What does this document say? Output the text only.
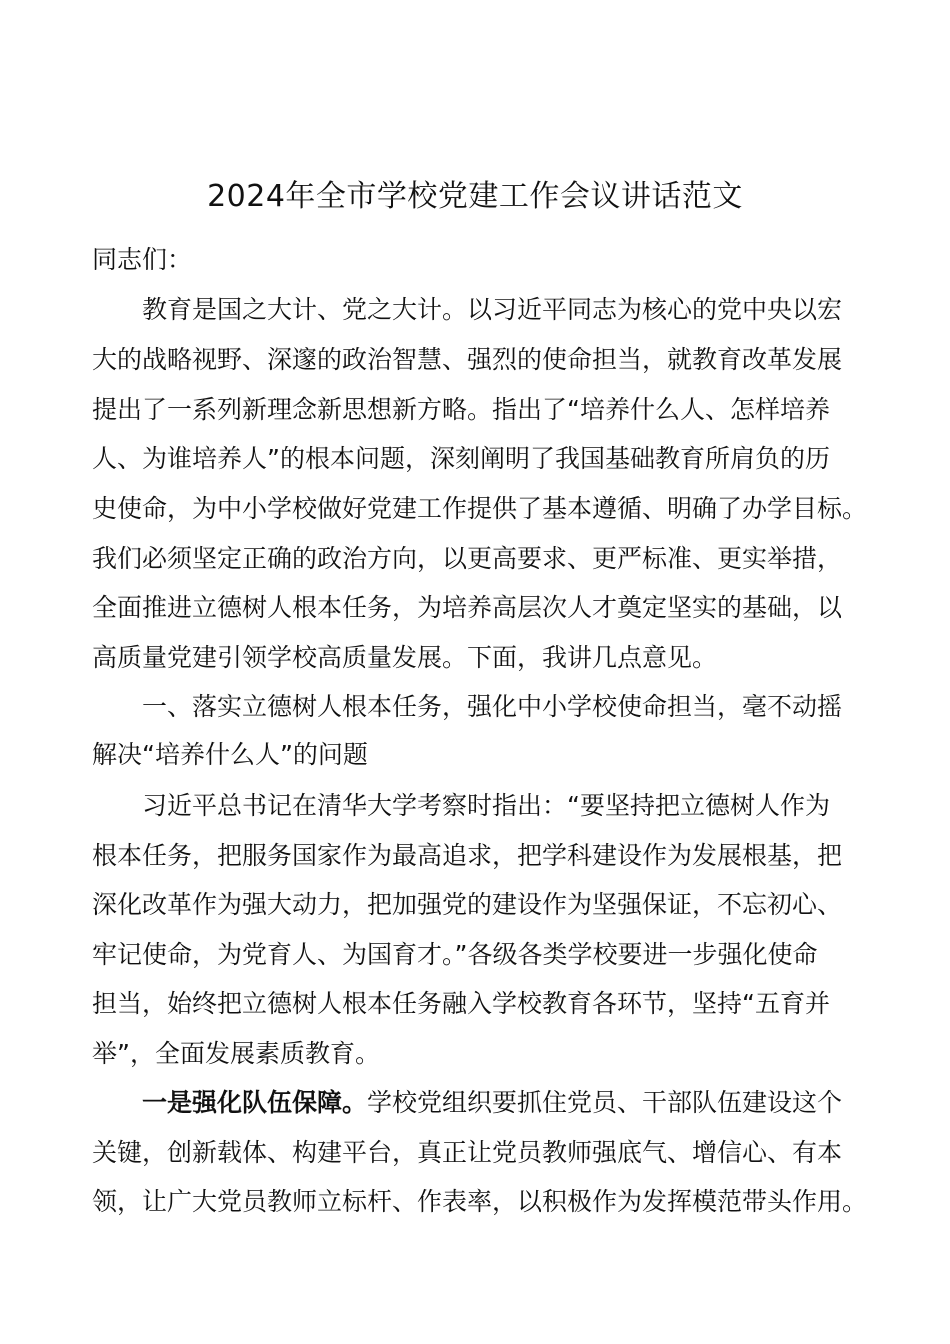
2024年全市学校党建工作会议讲话范文

同志们：

教育是国之大计、党之大计。以习近平同志为核心的党中央以宏

大的战略视野、深邃的政治智慧、强烈的使命担当，就教育改革发展

提出了一系列新理念新思想新方略。指出了“培养什么人、怎样培养

人、为谁培养人”的根本问题，深刻阐明了我国基础教育所肩负的历

史使命，为中小学校做好党建工作提供了基本遵循、明确了办学目标。

我们必须坚定正确的政治方向，以更高要求、更严标准、更实举措，

全面推进立德树人根本任务，为培养高层次人才奠定坚实的基础，以

高质量党建引领学校高质量发展。下面，我讲几点意见。

一、落实立德树人根本任务，强化中小学校使命担当，毫不动摇

解决“培养什么人”的问题

习近平总书记在清华大学考察时指出：“要坚持把立德树人作为

根本任务，把服务国家作为最高追求，把学科建设作为发展根基，把

深化改革作为强大动力，把加强党的建设作为坚强保证，不忘初心、

牢记使命，为党育人、为国育才。”各级各类学校要进一步强化使命

担当，始终把立德树人根本任务融入学校教育各环节，坚持“五育并

举”，全面发展素质教育。

一是强化队伍保障。学校党组织要抓住党员、干部队伍建设这个

关键，创新载体、构建平台，真正让党员教师强底气、增信心、有本

领，让广大党员教师立标杆、作表率，以积极作为发挥模范带头作用。
